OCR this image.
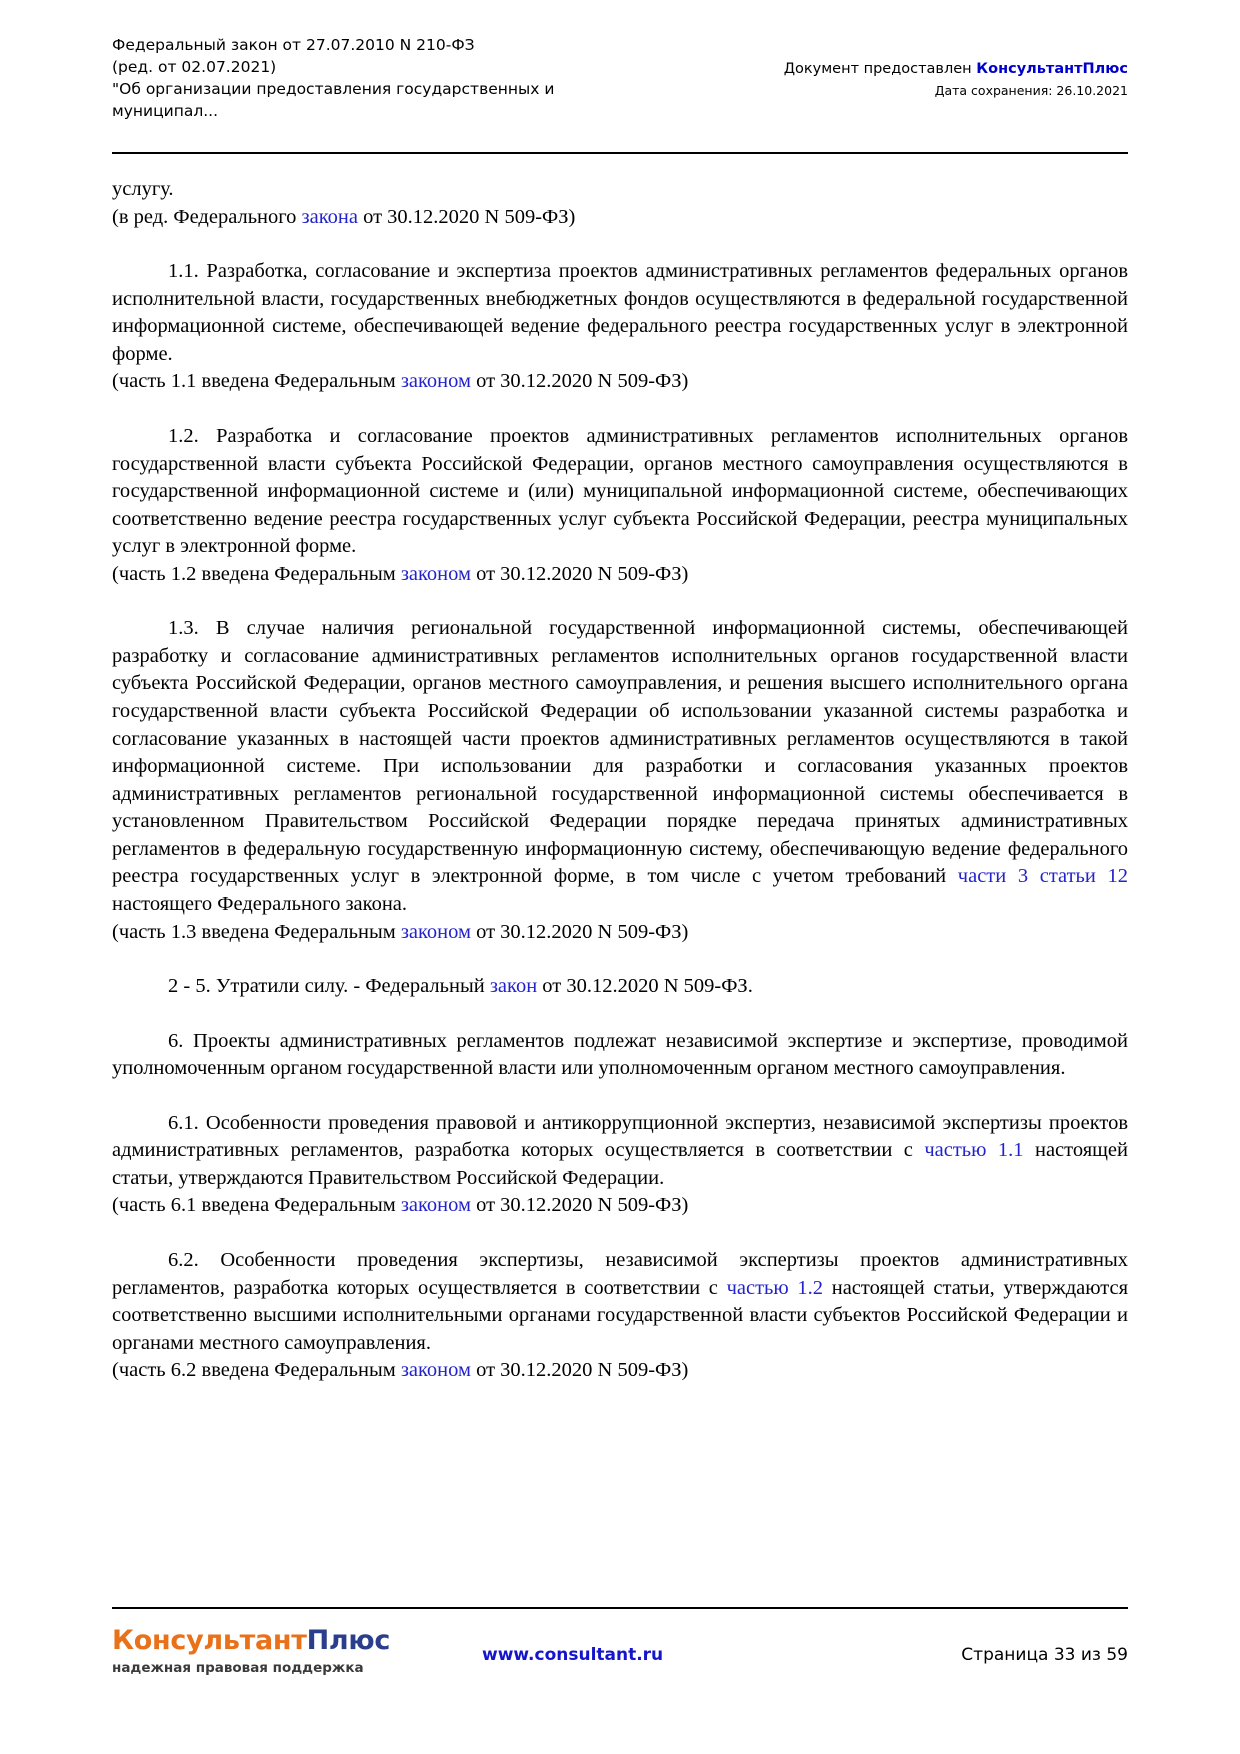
Федеральный закон от 27.07.2010 N 210-ФЗ
(ред. от 02.07.2021)
"Об организации предоставления государственных и
муниципал...
Документ предоставлен КонсультантПлюс
Дата сохранения: 26.10.2021

услугу.

(в ред. Федерального закона от 30.12.2020 N 509-ФЗ)

1.1. Разработка, согласование и экспертиза проектов административных регламентов федеральных органов исполнительной власти, государственных внебюджетных фондов осуществляются в федеральной государственной информационной системе, обеспечивающей ведение федерального реестра государственных услуг в электронной форме.

(часть 1.1 введена Федеральным законом от 30.12.2020 N 509-ФЗ)

1.2. Разработка и согласование проектов административных регламентов исполнительных органов государственной власти субъекта Российской Федерации, органов местного самоуправления осуществляются в государственной информационной системе и (или) муниципальной информационной системе, обеспечивающих соответственно ведение реестра государственных услуг субъекта Российской Федерации, реестра муниципальных услуг в электронной форме.

(часть 1.2 введена Федеральным законом от 30.12.2020 N 509-ФЗ)

1.3. В случае наличия региональной государственной информационной системы, обеспечивающей разработку и согласование административных регламентов исполнительных органов государственной власти субъекта Российской Федерации, органов местного самоуправления, и решения высшего исполнительного органа государственной власти субъекта Российской Федерации об использовании указанной системы разработка и согласование указанных в настоящей части проектов административных регламентов осуществляются в такой информационной системе. При использовании для разработки и согласования указанных проектов административных регламентов региональной государственной информационной системы обеспечивается в установленном Правительством Российской Федерации порядке передача принятых административных регламентов в федеральную государственную информационную систему, обеспечивающую ведение федерального реестра государственных услуг в электронной форме, в том числе с учетом требований части 3 статьи 12 настоящего Федерального закона.

(часть 1.3 введена Федеральным законом от 30.12.2020 N 509-ФЗ)

2 - 5. Утратили силу. - Федеральный закон от 30.12.2020 N 509-ФЗ.

6. Проекты административных регламентов подлежат независимой экспертизе и экспертизе, проводимой уполномоченным органом государственной власти или уполномоченным органом местного самоуправления.

6.1. Особенности проведения правовой и антикоррупционной экспертиз, независимой экспертизы проектов административных регламентов, разработка которых осуществляется в соответствии с частью 1.1 настоящей статьи, утверждаются Правительством Российской Федерации.

(часть 6.1 введена Федеральным законом от 30.12.2020 N 509-ФЗ)

6.2. Особенности проведения экспертизы, независимой экспертизы проектов административных регламентов, разработка которых осуществляется в соответствии с частью 1.2 настоящей статьи, утверждаются соответственно высшими исполнительными органами государственной власти субъектов Российской Федерации и органами местного самоуправления.

(часть 6.2 введена Федеральным законом от 30.12.2020 N 509-ФЗ)

КонсультантПлюс
надежная правовая поддержка
www.consultant.ru	Страница 33 из 59
